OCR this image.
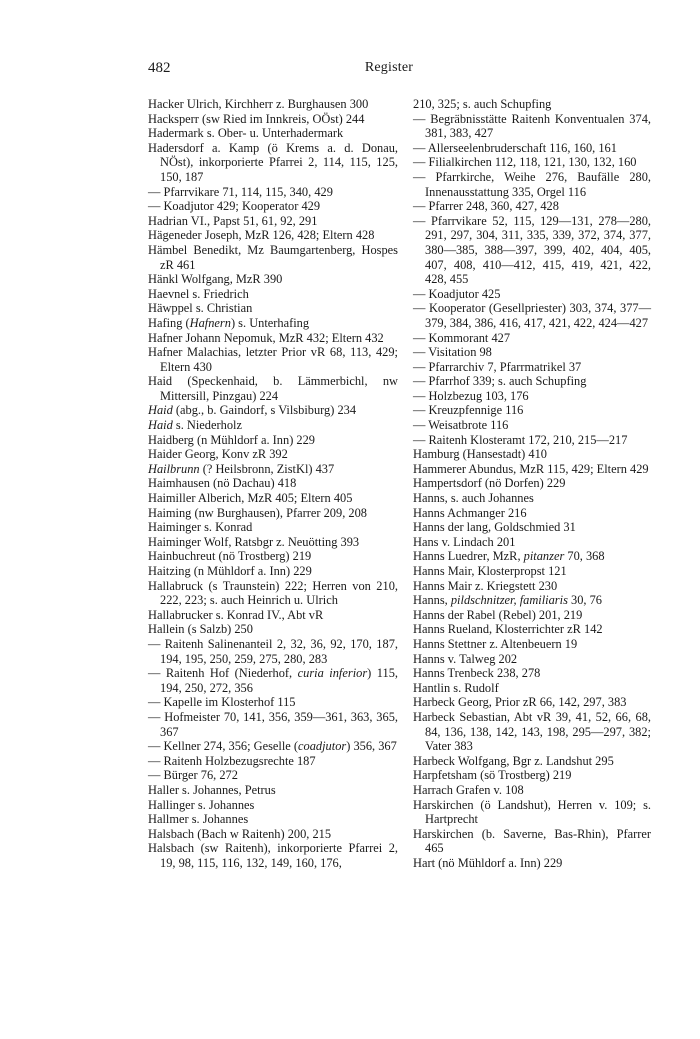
482	Register
Hacker Ulrich, Kirchherr z. Burghausen 300
Hacksperr (sw Ried im Innkreis, OÖst) 244
Hadermark s. Ober- u. Unterhadermark
Hadersdorf a. Kamp (ö Krems a. d. Donau, NÖst), inkorporierte Pfarrei 2, 114, 115, 125, 150, 187
— Pfarrvikare 71, 114, 115, 340, 429
— Koadjutor 429; Kooperator 429
Hadrian VI., Papst 51, 61, 92, 291
Hägeneder Joseph, MzR 126, 428; Eltern 428
Hämbel Benedikt, Mz Baumgartenberg, Hospes zR 461
Hänkl Wolfgang, MzR 390
Haevnel s. Friedrich
Häwppel s. Christian
Hafing (Hafnern) s. Unterhafing
Hafner Johann Nepomuk, MzR 432; Eltern 432
Hafner Malachias, letzter Prior vR 68, 113, 429; Eltern 430
Haid (Speckenhaid, b. Lämmerbichl, nw Mittersill, Pinzgau) 224
Haid (abg., b. Gaindorf, s Vilsbiburg) 234
Haid s. Niederholz
Haidberg (n Mühldorf a. Inn) 229
Haider Georg, Konv zR 392
Hailbrunn (? Heilsbronn, ZistKl) 437
Haimhausen (nö Dachau) 418
Haimiller Alberich, MzR 405; Eltern 405
Haiming (nw Burghausen), Pfarrer 209, 208
Haiminger s. Konrad
Haiminger Wolf, Ratsbgr z. Neuötting 393
Hainbuchreut (nö Trostberg) 219
Haitzing (n Mühldorf a. Inn) 229
Hallabruck (s Traunstein) 222; Herren von 210, 222, 223; s. auch Heinrich u. Ulrich
Hallabrucker s. Konrad IV., Abt vR
Hallein (s Salzb) 250
— Raitenh Salinenanteil 2, 32, 36, 92, 170, 187, 194, 195, 250, 259, 275, 280, 283
— Raitenh Hof (Niederhof, curia inferior) 115, 194, 250, 272, 356
— Kapelle im Klosterhof 115
— Hofmeister 70, 141, 356, 359—361, 363, 365, 367
— Kellner 274, 356; Geselle (coadjutor) 356, 367
— Raitenh Holzbezugsrechte 187
— Bürger 76, 272
Haller s. Johannes, Petrus
Hallinger s. Johannes
Hallmer s. Johannes
Halsbach (Bach w Raitenh) 200, 215
Halsbach (sw Raitenh), inkorporierte Pfarrei 2, 19, 98, 115, 116, 132, 149, 160, 176,
210, 325; s. auch Schupfing
— Begräbnisstätte Raitenh Konventualen 374, 381, 383, 427
— Allerseelenbruderschaft 116, 160, 161
— Filialkirchen 112, 118, 121, 130, 132, 160
— Pfarrkirche, Weihe 276, Baufälle 280, Innenausstattung 335, Orgel 116
— Pfarrer 248, 360, 427, 428
— Pfarrvikare 52, 115, 129—131, 278—280, 291, 297, 304, 311, 335, 339, 372, 374, 377, 380—385, 388—397, 399, 402, 404, 405, 407, 408, 410—412, 415, 419, 421, 422, 428, 455
— Koadjutor 425
— Kooperator (Gesellpriester) 303, 374, 377—379, 384, 386, 416, 417, 421, 422, 424—427
— Kommorant 427
— Visitation 98
— Pfarrarchiv 7, Pfarrmatrikel 37
— Pfarrhof 339; s. auch Schupfing
— Holzbezug 103, 176
— Kreuzpfennige 116
— Weisatbrote 116
— Raitenh Klosteramt 172, 210, 215—217
Hamburg (Hansestadt) 410
Hammerer Abundus, MzR 115, 429; Eltern 429
Hampertsdorf (nö Dorfen) 229
Hanns, s. auch Johannes
Hanns Achmanger 216
Hanns der lang, Goldschmied 31
Hans v. Lindach 201
Hanns Luedrer, MzR, pitanzer 70, 368
Hanns Mair, Klosterpropst 121
Hanns Mair z. Kriegstett 230
Hanns, pildschnitzer, familiaris 30, 76
Hanns der Rabel (Rebel) 201, 219
Hanns Rueland, Klosterrichter zR 142
Hanns Stettner z. Altenbeuern 19
Hanns v. Talweg 202
Hanns Trenbeck 238, 278
Hantlin s. Rudolf
Harbeck Georg, Prior zR 66, 142, 297, 383
Harbeck Sebastian, Abt vR 39, 41, 52, 66, 68, 84, 136, 138, 142, 143, 198, 295—297, 382; Vater 383
Harbeck Wolfgang, Bgr z. Landshut 295
Harpfetsham (sö Trostberg) 219
Harrach Grafen v. 108
Harskirchen (ö Landshut), Herren v. 109; s. Hartprecht
Harskirchen (b. Saverne, Bas-Rhin), Pfarrer 465
Hart (nö Mühldorf a. Inn) 229
